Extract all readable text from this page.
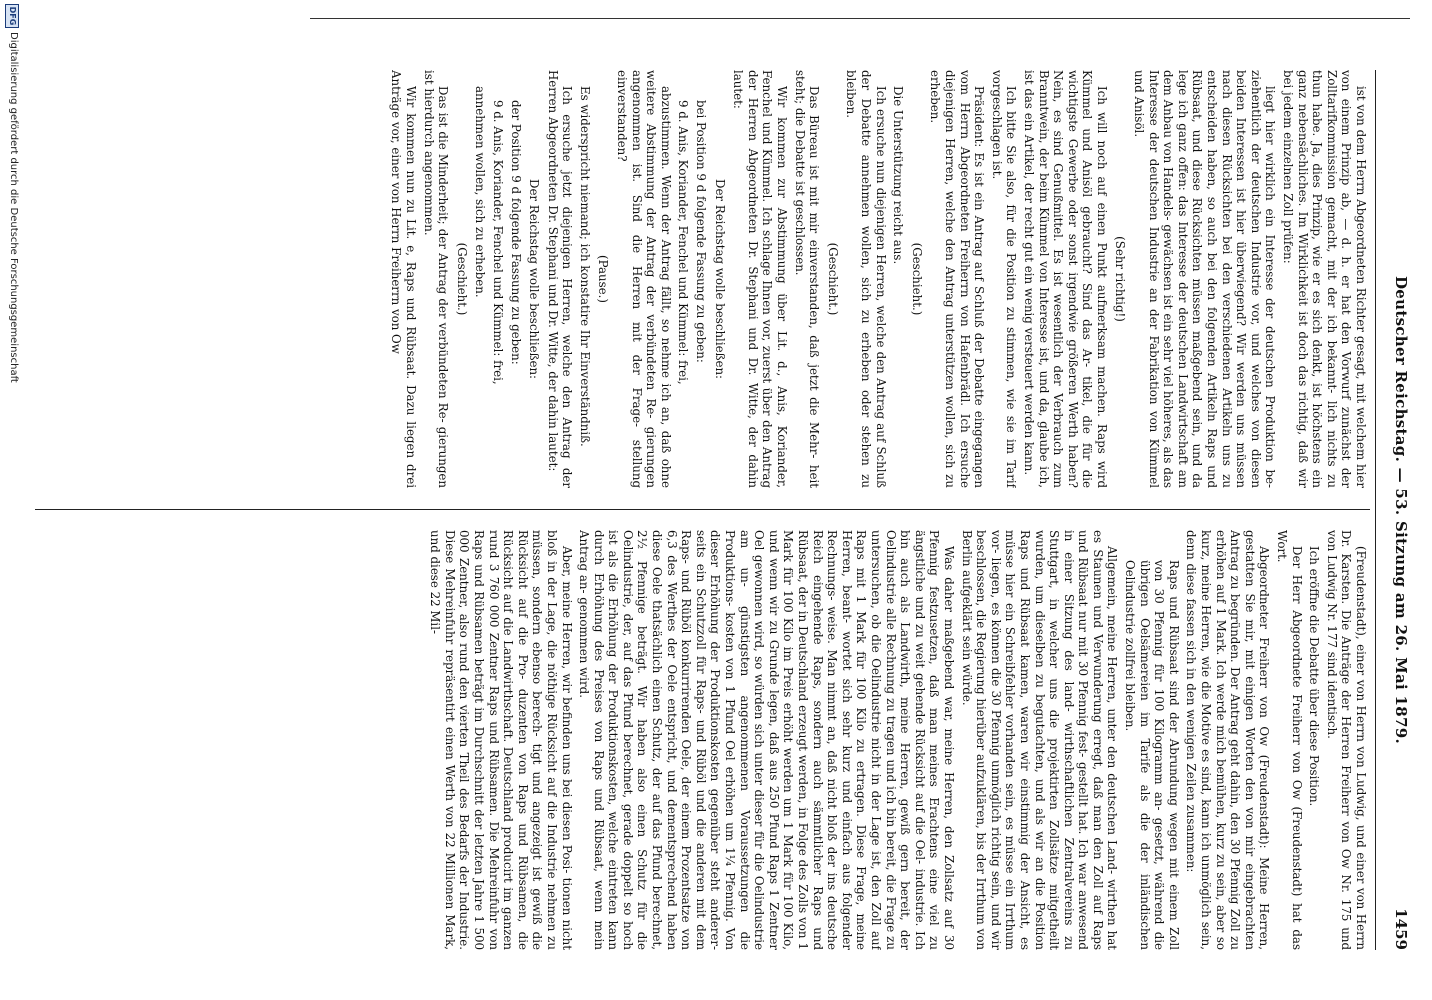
Deutscher Reichstag. — 53. Sitzung am 26. Mai 1879.
1459

ist von dem Herrn Abgeordneten Richter gesagt, mit welchem hier von einem Prinzip ab, — d. h. er hat den Vorwurf zunächst der Zolltarifkommission gemacht, mit der ich bekannt- lich nichts zu thun habe. Ja, dies Prinzip, wie er es sich denkt, ist höchstens ein ganz nebensächliches. Im Wirklichkeit ist doch das richtig, daß wir bei jedem einzelnen Zoll prüfen:

liegt hier wirklich ein Interesse der deutschen Produktion be- ziehentlich der deutschen Industrie vor, und welches von diesen beiden Interessen ist hier überwiegend? Wir werden uns müssen nach diesen Rücksichten bei den verschiedenen Artikeln uns zu entscheiden haben, so auch bei den folgenden Artikeln Raps und Rübsaat, und diese Rücksichten müssen maßgebend sein, und da lege ich ganz offen: das Interesse der deutschen Landwirtschaft am dem Anbau von Handels- gewächsen ist ein sehr viel höheres, als das Interesse der deutschen Industrie an der Fabrikation von Kümmel und Anisöl.

(Sehr richtig!)

Ich will noch auf einen Punkt aufmerksam machen. Raps wird Kümmel und Anisöl gebraucht? Sind das Ar- tikel, die für die wichtigste Gewerbe oder sonst irgendwie größeren Werth haben? Nein, es sind Genußmittel. Es ist wesentlich der Verbrauch zum Branntwein, der beim Kümmel von Interesse ist, und da, glaube ich, ist das ein Artikel, der recht gut ein wenig versteuert werden kann.

Ich bitte Sie also, für die Position zu stimmen, wie sie im Tarif vorgeschlagen ist.

Präsident: Es ist ein Antrag auf Schluß der Debatte eingegangen vom Herrn Abgeordneten Freiherrn von Hafenbrädl. Ich ersuche diejenigen Herren, welche den Antrag unterstützen wollen, sich zu erheben.

(Geschieht.)

Die Unterstützung reicht aus.

Ich ersuche nun diejenigen Herren, welche den Antrag auf Schluß der Debatte annehmen wollen, sich zu erheben oder stehen zu bleiben.

(Geschieht.)

Das Büreau ist mit mir einverstanden, daß jetzt die Mehr- heit steht; die Debatte ist geschlossen.

Wir kommen zur Abstimmung über Lit. d., Anis, Koriander, Fenchel und Kümmel. Ich schlage Ihnen vor, zuerst über den Antrag der Herren Abgeordneten Dr. Stephani und Dr. Witte, der dahin lautet:

Der Reichstag wolle beschließen:

bei Position 9 d folgende Fassung zu geben:

9 d. Anis, Koriander, Fenchel und Kümmel: frei,

abzustimmen. Wenn der Antrag fällt, so nehme ich an, daß ohne weitere Abstimmung der Antrag der verbündeten Re- gierungen angenommen ist. Sind die Herren mit der Frage- stellung einverstanden?

(Pause.)

Es widerspricht niemand; ich konstatire Ihr Einverständniß.

Ich ersuche jetzt diejenigen Herren, welche den Antrag der Herren Abgeordneten Dr. Stephani und Dr. Witte, der dahin lautet:

Der Reichstag wolle beschließen:

der Position 9 d folgende Fassung zu geben:

9 d. Anis, Koriander, Fenchel und Kümmel: frei,

annehmen wollen, sich zu erheben.

(Geschieht.)

Das ist die Minderheit; der Antrag der verbündeten Re- gierungen ist hierdurch angenommen.

Wir kommen nun zu Lit. e, Raps und Rübsaat. Dazu liegen drei Anträge vor, einer von Herrn Freiherrn von Ow

(Freudenstadt), einer von Herrn von Ludwig, und einer von Herrn Dr. Karsten. Die Anträge der Herren Freiherr von Ow Nr. 175 und von Ludwig Nr. 177 sind identisch.

Ich eröffne die Debatte über diese Position.

Der Herr Abgeordnete Freiherr von Ow (Freudenstadt) hat das Wort.

Abgeordneter Freiherr von Ow (Freudenstadt): Meine Herren, gestatten Sie mir, mit einigen Worten den von mir eingebrachten Antrag zu begründen. Der Antrag geht dahin, den 30 Pfennig Zoll zu erhöhen auf 1 Mark. Ich werde mich bemühen, kurz zu sein, aber so kurz, meine Herren, wie die Motive es sind, kann ich unmöglich sein, denn diese fassen sich in den wenigen Zeilen zusammen:

Raps und Rübsaat sind der Abrundung wegen mit einem Zoll von 30 Pfennig für 100 Kilogramm an- gesetzt, während die übrigen Oelsämereien im Tarife als die der inländischen Oelindustrie zollfrei bleiben.

Allgemein, meine Herren, unter den deutschen Land- wirthen hat es Staunen und Verwunderung erregt, daß man den Zoll auf Raps und Rübsaat nur mit 30 Pfennig fest- gestellt hat. Ich war anwesend in einer Sitzung des land- wirthschaftlichen Zentralvereins zu Stuttgart, in welcher uns die projektirten Zollsätze mitgetheilt wurden, um dieselben zu begutachten, und als wir an die Position Raps und Rübsaat kamen, waren wir einstimmig der Ansicht, es müsse hier ein Schreibfehler vorhanden sein, es müsse ein Irrthum vor- liegen, es können die 30 Pfennig unmöglich richtig sein, und wir beschlossen, die Regierung hierüber aufzuklären, bis der Irrthum von Berlin aufgeklärt sein würde.

Was daher maßgebend war, meine Herren, den Zollsatz auf 30 Pfennig festzusetzen, daß man meines Erachtens eine viel zu ängstliche und zu weit gehende Rücksicht auf die Oel- industrie. Ich bin auch als Landwirth, meine Herren, gewiß gern bereit, der Oelindustrie alle Rechnung zu tragen und ich bin bereit, die Frage zu untersuchen, ob die Oelindustrie nicht in der Lage ist, den Zoll auf Raps mit 1 Mark für 100 Kilo zu ertragen. Diese Frage, meine Herren, beant- wortet sich sehr kurz und einfach aus folgender Rechnungs- weise. Man nimmt an, daß nicht bloß der ins deutsche Reich eingehende Raps, sondern auch sämmtlicher Raps und Rübsaat, der in Deutschland erzeugt werden, in Folge des Zolls von 1 Mark für 100 Kilo im Preis erhöht werden um 1 Mark für 100 Kilo, und wenn wir zu Grunde legen, daß aus 250 Pfund Raps 1 Zentner Oel gewonnen wird, so würden sich unter dieser für die Oelindustrie am un- günstigsten angenommenen Voraussetzungen die Produktions- kosten von 1 Pfund Oel erhöhen um 1¼ Pfennig. Von dieser Erhöhung der Produktionskosten gegenüber steht anderer- seits ein Schutzzoll für Raps- und Rüböl und die anderen mit dem Raps- und Rüböl konkurrirenden Oele, der einem Prozentsatze von 6,3 des Werthes der Oele entspricht, und dementsprechend haben diese Oele thatsächlich einen Schutz, der auf das Pfund berechnet, 2½ Pfennige beträgt. Wir haben also einen Schutz für die Oelindustrie, der, auf das Pfund berechnet, gerade doppelt so hoch ist als die Erhöhung der Produktionskosten, welche eintreten kann durch Erhöhung des Preises von Raps und Rübsaat, wenn mein Antrag an- genommen wird.

Aber, meine Herren, wir befinden uns bei diesen Posi- tionen nicht bloß in der Lage, die nöthige Rücksicht auf die Industrie nehmen zu müssen, sondern ebenso berech- tigt und angezeigt ist gewiß die Rücksicht auf die Pro- duzenten von Raps und Rübsamen, die Rücksicht auf die Landwirthschaft. Deutschland producirt im ganzen rund 3 760 000 Zentner Raps und Rübsamen. Die Mehreinfuhr von Raps und Rübsamen beträgt im Durchschnitt der letzten Jahre 1 500 000 Zentner, also rund den vierten Theil des Bedarfs der Industrie. Diese Mehreinfuhr repräsentirt einen Werth von 22 Millionen Mark, und diese 22 Mil-

DFG
Digitalisierung gefördert durch die Deutsche Forschungsgemeinschaft
